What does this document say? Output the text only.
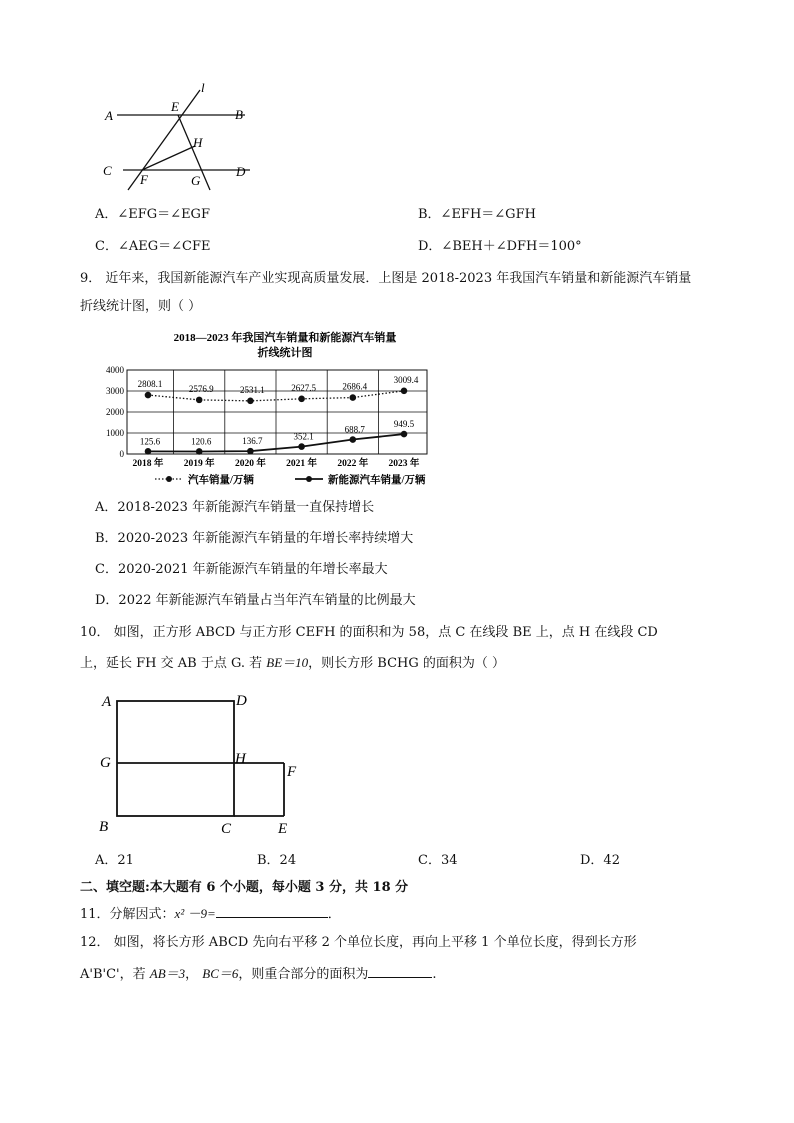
A	B
C	D
E
F	G
H
l
A．∠EFG＝∠EGF	B．∠EFH＝∠GFH
C．∠AEG＝∠CFE	D．∠BEH＋∠DFH＝100°
9． 近年来，我国新能源汽车产业实现高质量发展．上图是 2018-2023 年我国汽车销量和新能源汽车销量
折线统计图，则（ ）
2018—2023 年我国汽车销量和新能源汽车销量
折线统计图
0
1000
2000
3000
4000
2018 年 2019 年 2020 年 2021 年 2022 年 2023 年
2808.1	2576.9	2531.1	2627.5	2686.4
3009.4
125.6	120.6	136.7	352.1
688.7
949.5
汽车销量/万辆	新能源汽车销量/万辆
A．2018-2023 年新能源汽车销量一直保持增长
B．2020-2023 年新能源汽车销量的年增长率持续增大
C．2020-2021 年新能源汽车销量的年增长率最大
D．2022 年新能源汽车销量占当年汽车销量的比例最大
10． 如图，正方形 ABCD 与正方形 CEFH 的面积和为 58，点 C 在线段 BE 上，点 H 在线段 CD
上，延长 FH 交 AB 于点 G. 若 BE＝10，则长方形 BCHG 的面积为（ ）
A	D
G	H
F
B	C	E
A．21	B．24	C．34	D．42
二、填空题:本大题有 6 个小题，每小题 3 分，共 18 分
11．分解因式：x² －9=	．
12． 如图，将长方形 ABCD 先向右平移 2 个单位长度，再向上平移 1 个单位长度，得到长方形
A'B'C'，若 AB＝3， BC＝6，则重合部分的面积为	.
